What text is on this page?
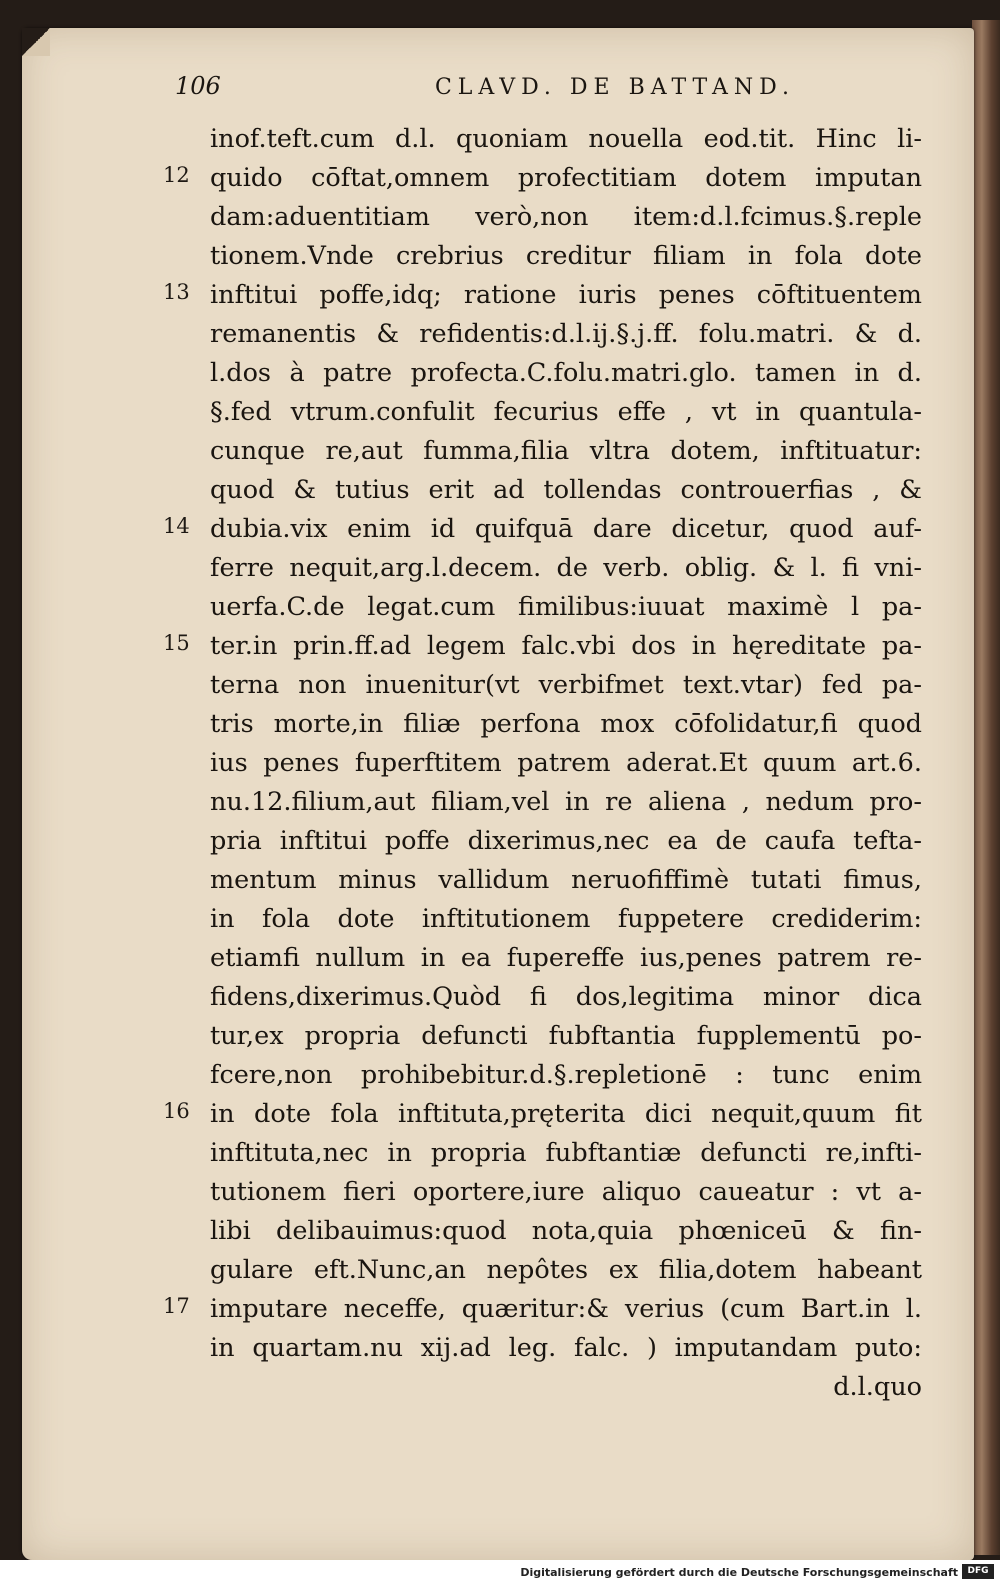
106	CLAVD. DE BATTAND.
inof.teft.cum d.l. quoniam nouella eod.tit. Hinc li-
quido cōftat,omnem profectitiam dotem imputan
dam:aduentitiam verò,non item:d.l.fcimus.§.reple
tionem.Vnde crebrius creditur filiam in fola dote
inftitui poffe,idq; ratione iuris penes cōftituentem
remanentis & refidentis:d.l.ij.§.j.ff. folu.matri. & d.
l.dos à patre profecta.C.folu.matri.glo. tamen in d.
§.fed vtrum.confulit fecurius effe , vt in quantula-
cunque re,aut fumma,filia vltra dotem, inftituatur:
quod & tutius erit ad tollendas controuerfias , &
dubia.vix enim id quifquā dare dicetur, quod auf-
ferre nequit,arg.l.decem. de verb. oblig. & l. fi vni-
uerfa.C.de legat.cum fimilibus:iuuat maximè l pa-
ter.in prin.ff.ad legem falc.vbi dos in hęreditate pa-
terna non inuenitur(vt verbifmet text.vtar) fed pa-
tris morte,in filiæ perfona mox cōfolidatur,fi quod
ius penes fuperftitem patrem aderat.Et quum art.6.
nu.12.filium,aut filiam,vel in re aliena , nedum pro-
pria inftitui poffe dixerimus,nec ea de caufa tefta-
mentum minus vallidum neruofiffimè tutati fimus,
in fola dote inftitutionem fuppetere crediderim:
etiamfi nullum in ea fupereffe ius,penes patrem re-
fidens,dixerimus.Quòd fi dos,legitima minor dica
tur,ex propria defuncti fubftantia fupplementū po-
fcere,non prohibebitur.d.§.repletionē : tunc enim
in dote fola inftituta,pręterita dici nequit,quum fit
inftituta,nec in propria fubftantiæ defuncti re,infti-
tutionem fieri oportere,iure aliquo caueatur : vt a-
libi delibauimus:quod nota,quia phœniceū & fin-
gulare eft.Nunc,an nepôtes ex filia,dotem habeant
imputare neceffe, quæritur:& verius (cum Bart.in l.
in quartam.nu xij.ad leg. falc. ) imputandam puto:
d.l.quo
12
13
14
15
16
17
Digitalisierung gefördert durch die Deutsche Forschungsgemeinschaft	DFG
